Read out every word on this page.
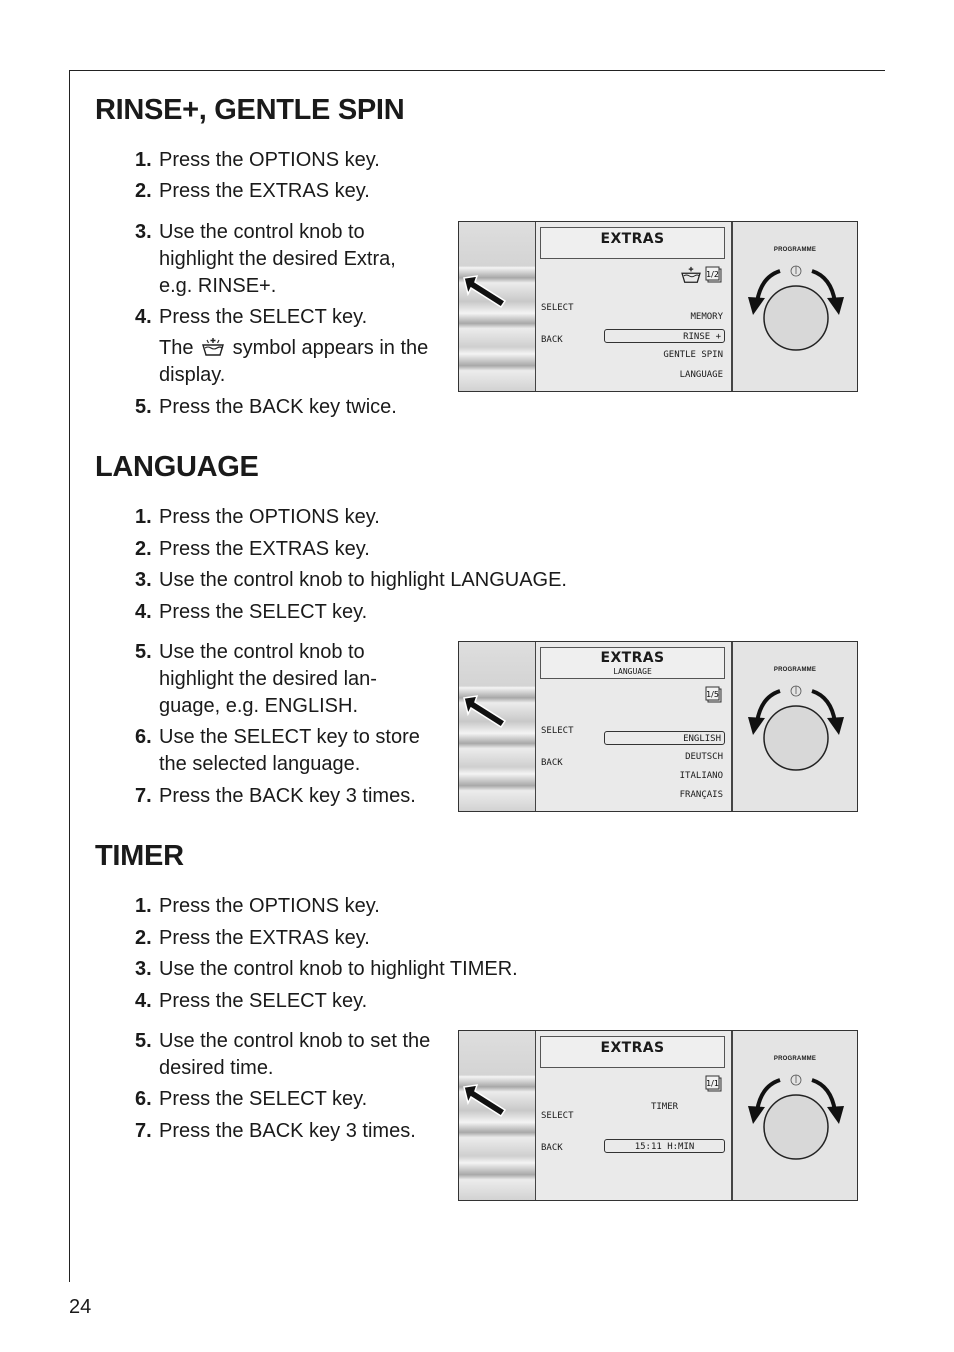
RINSE+, GENTLE SPIN
1. Press the OPTIONS key.
2. Press the EXTRAS key.
3. Use the control knob to highlight the desired Extra, e.g. RINSE+.
4. Press the SELECT key.
The symbol appears in the display.
5. Press the BACK key twice.
EXTRAS
1/2
SELECT
BACK
MEMORY
RINSE +
GENTLE SPIN
LANGUAGE
PROGRAMME
LANGUAGE
1. Press the OPTIONS key.
2. Press the EXTRAS key.
3. Use the control knob to highlight LANGUAGE.
4. Press the SELECT key.
5. Use the control knob to highlight the desired lan-guage, e.g. ENGLISH.
6. Use the SELECT key to store the selected language.
7. Press the BACK key 3 times.
EXTRAS
LANGUAGE
1/5
SELECT
BACK
ENGLISH
DEUTSCH
ITALIANO
FRANÇAIS
PROGRAMME
TIMER
1. Press the OPTIONS key.
2. Press the EXTRAS key.
3. Use the control knob to highlight TIMER.
4. Press the SELECT key.
5. Use the control knob to set the desired time.
6. Press the SELECT key.
7. Press the BACK key 3 times.
EXTRAS
1/1
SELECT
BACK
TIMER
15:11 H:MIN
PROGRAMME
24
